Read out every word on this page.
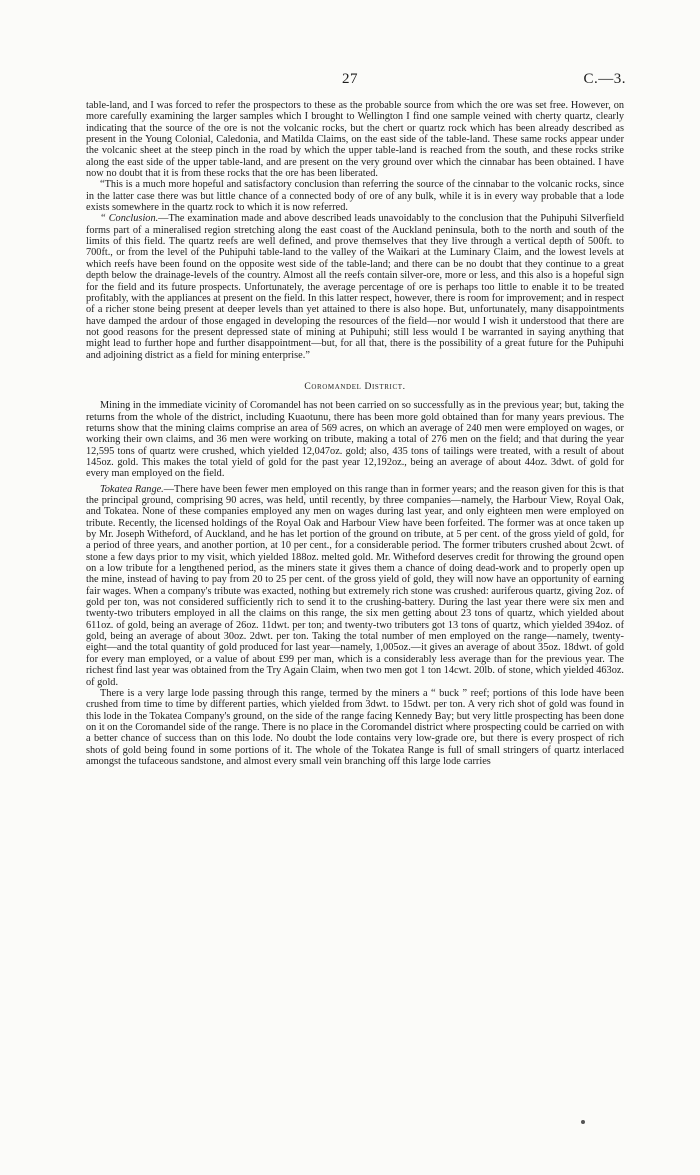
27	C.—3.

table-land, and I was forced to refer the prospectors to these as the probable source from which the ore was set free. However, on more carefully examining the larger samples which I brought to Wellington I find one sample veined with cherty quartz, clearly indicating that the source of the ore is not the volcanic rocks, but the chert or quartz rock which has been already described as present in the Young Colonial, Caledonia, and Matilda Claims, on the east side of the table-land. These same rocks appear under the volcanic sheet at the steep pinch in the road by which the upper table-land is reached from the south, and these rocks strike along the east side of the upper table-land, and are present on the very ground over which the cinnabar has been obtained. I have now no doubt that it is from these rocks that the ore has been liberated.

“This is a much more hopeful and satisfactory conclusion than referring the source of the cinnabar to the volcanic rocks, since in the latter case there was but little chance of a connected body of ore of any bulk, while it is in every way probable that a lode exists somewhere in the quartz rock to which it is now referred.

“ Conclusion.—The examination made and above described leads unavoidably to the conclusion that the Puhipuhi Silverfield forms part of a mineralised region stretching along the east coast of the Auckland peninsula, both to the north and south of the limits of this field. The quartz reefs are well defined, and prove themselves that they live through a vertical depth of 500ft. to 700ft., or from the level of the Puhipuhi table-land to the valley of the Waikari at the Luminary Claim, and the lowest levels at which reefs have been found on the opposite west side of the table-land; and there can be no doubt that they continue to a great depth below the drainage-levels of the country. Almost all the reefs contain silver-ore, more or less, and this also is a hopeful sign for the field and its future prospects. Unfortunately, the average percentage of ore is perhaps too little to enable it to be treated profitably, with the appliances at present on the field. In this latter respect, however, there is room for improvement; and in respect of a richer stone being present at deeper levels than yet attained to there is also hope. But, unfortunately, many disappointments have damped the ardour of those engaged in developing the resources of the field—nor would I wish it understood that there are not good reasons for the present depressed state of mining at Puhipuhi; still less would I be warranted in saying anything that might lead to further hope and further disappointment—but, for all that, there is the possibility of a great future for the Puhipuhi and adjoining district as a field for mining enterprise.”

Coromandel District.

Mining in the immediate vicinity of Coromandel has not been carried on so successfully as in the previous year; but, taking the returns from the whole of the district, including Kuaotunu, there has been more gold obtained than for many years previous. The returns show that the mining claims comprise an area of 569 acres, on which an average of 240 men were employed on wages, or working their own claims, and 36 men were working on tribute, making a total of 276 men on the field; and that during the year 12,595 tons of quartz were crushed, which yielded 12,047oz. gold; also, 435 tons of tailings were treated, with a result of about 145oz. gold. This makes the total yield of gold for the past year 12,192oz., being an average of about 44oz. 3dwt. of gold for every man employed on the field.

Tokatea Range.—There have been fewer men employed on this range than in former years; and the reason given for this is that the principal ground, comprising 90 acres, was held, until recently, by three companies—namely, the Harbour View, Royal Oak, and Tokatea. None of these companies employed any men on wages during last year, and only eighteen men were employed on tribute. Recently, the licensed holdings of the Royal Oak and Harbour View have been forfeited. The former was at once taken up by Mr. Joseph Witheford, of Auckland, and he has let portion of the ground on tribute, at 5 per cent. of the gross yield of gold, for a period of three years, and another portion, at 10 per cent., for a considerable period. The former tributers crushed about 2cwt. of stone a few days prior to my visit, which yielded 188oz. melted gold. Mr. Witheford deserves credit for throwing the ground open on a low tribute for a lengthened period, as the miners state it gives them a chance of doing dead-work and to properly open up the mine, instead of having to pay from 20 to 25 per cent. of the gross yield of gold, they will now have an opportunity of earning fair wages. When a company's tribute was exacted, nothing but extremely rich stone was crushed: auriferous quartz, giving 2oz. of gold per ton, was not considered sufficiently rich to send it to the crushing-battery. During the last year there were six men and twenty-two tributers employed in all the claims on this range, the six men getting about 23 tons of quartz, which yielded about 611oz. of gold, being an average of 26oz. 11dwt. per ton; and twenty-two tributers got 13 tons of quartz, which yielded 394oz. of gold, being an average of about 30oz. 2dwt. per ton. Taking the total number of men employed on the range—namely, twenty-eight—and the total quantity of gold produced for last year—namely, 1,005oz.—it gives an average of about 35oz. 18dwt. of gold for every man employed, or a value of about £99 per man, which is a considerably less average than for the previous year. The richest find last year was obtained from the Try Again Claim, when two men got 1 ton 14cwt. 20lb. of stone, which yielded 463oz. of gold.

There is a very large lode passing through this range, termed by the miners a “ buck ” reef; portions of this lode have been crushed from time to time by different parties, which yielded from 3dwt. to 15dwt. per ton. A very rich shot of gold was found in this lode in the Tokatea Company's ground, on the side of the range facing Kennedy Bay; but very little prospecting has been done on it on the Coromandel side of the range. There is no place in the Coromandel district where prospecting could be carried on with a better chance of success than on this lode. No doubt the lode contains very low-grade ore, but there is every prospect of rich shots of gold being found in some portions of it. The whole of the Tokatea Range is full of small stringers of quartz interlaced amongst the tufaceous sandstone, and almost every small vein branching off this large lode carries
